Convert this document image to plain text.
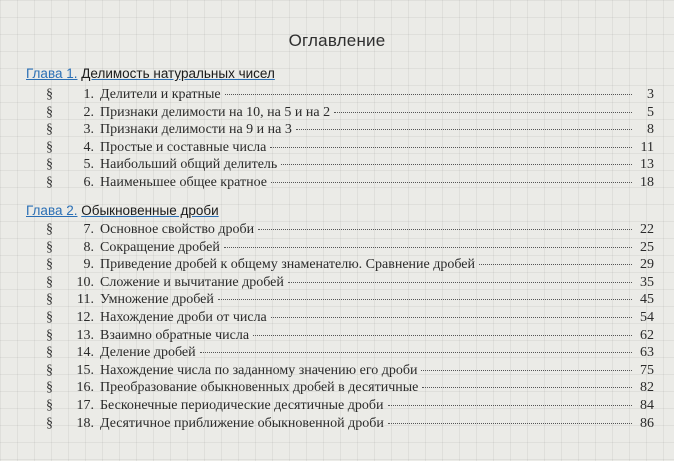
Оглавление
Глава 1. Делимость натуральных чисел
§	1. Делители и кратные	3
§	2. Признаки делимости на 10, на 5 и на 2	5
§	3. Признаки делимости на 9 и на 3	8
§	4. Простые и составные числа	11
§	5. Наибольший общий делитель	13
§	6. Наименьшее общее кратное	18
Глава 2. Обыкновенные дроби
§	7. Основное свойство дроби	22
§	8. Сокращение дробей	25
§	9. Приведение дробей к общему знаменателю. Сравнение дробей	29
§	10. Сложение и вычитание дробей	35
§	11. Умножение дробей	45
§	12. Нахождение дроби от числа	54
§	13. Взаимно обратные числа	62
§	14. Деление дробей	63
§	15. Нахождение числа по заданному значению его дроби	75
§	16. Преобразование обыкновенных дробей в десятичные	82
§	17. Бесконечные периодические десятичные дроби	84
§	18. Десятичное приближение обыкновенной дроби	86
